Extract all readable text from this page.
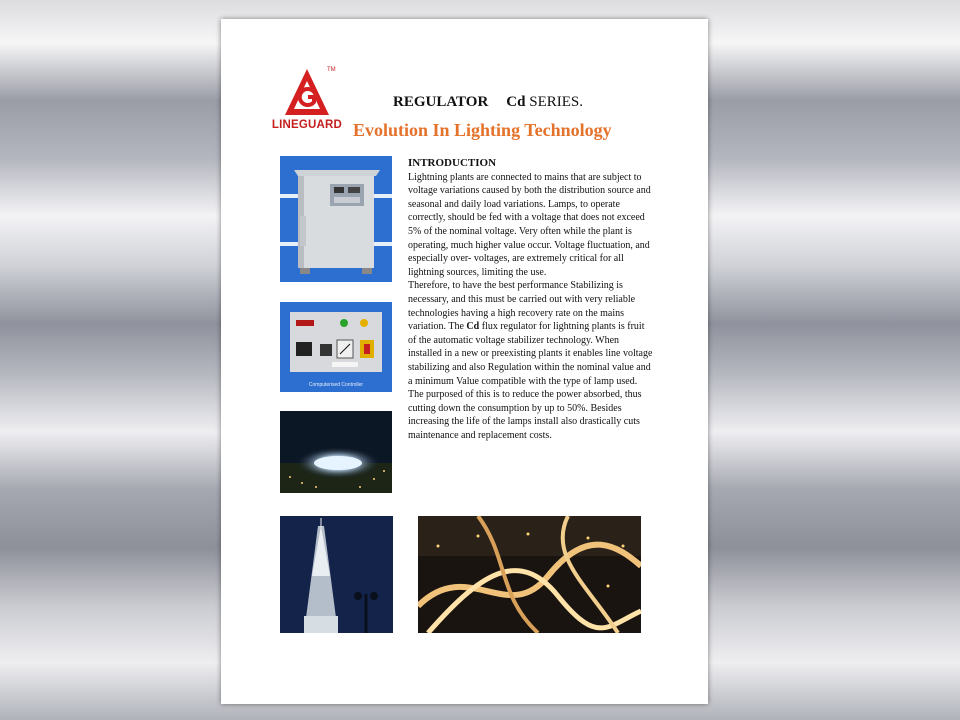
TM
LINEGUARD
REGULATOR Cd SERIES.
Evolution In Lighting Technology
Computerised Controller
INTRODUCTION

Lightning plants are connected to mains that are subject to voltage variations caused by both the distribution source and seasonal and daily load variations. Lamps, to operate correctly, should be fed with a voltage that does not exceed 5% of the nominal voltage. Very often while the plant is operating, much higher value occur. Voltage fluctuation, and especially over- voltages, are extremely critical for all lightning sources, limiting the use.

Therefore, to have the best performance Stabilizing is necessary, and this must be carried out with very reliable technologies having a high recovery rate on the mains variation. The Cd flux regulator for lightning plants is fruit of the automatic voltage stabilizer technology. When installed in a new or preexisting plants it enables line voltage stabilizing and also Regulation within the nominal value and a minimum Value compatible with the type of lamp used. The purposed of this is to reduce the power absorbed, thus cutting down the consumption by up to 50%. Besides increasing the life of the lamps install also drastically cuts maintenance and replacement costs.
